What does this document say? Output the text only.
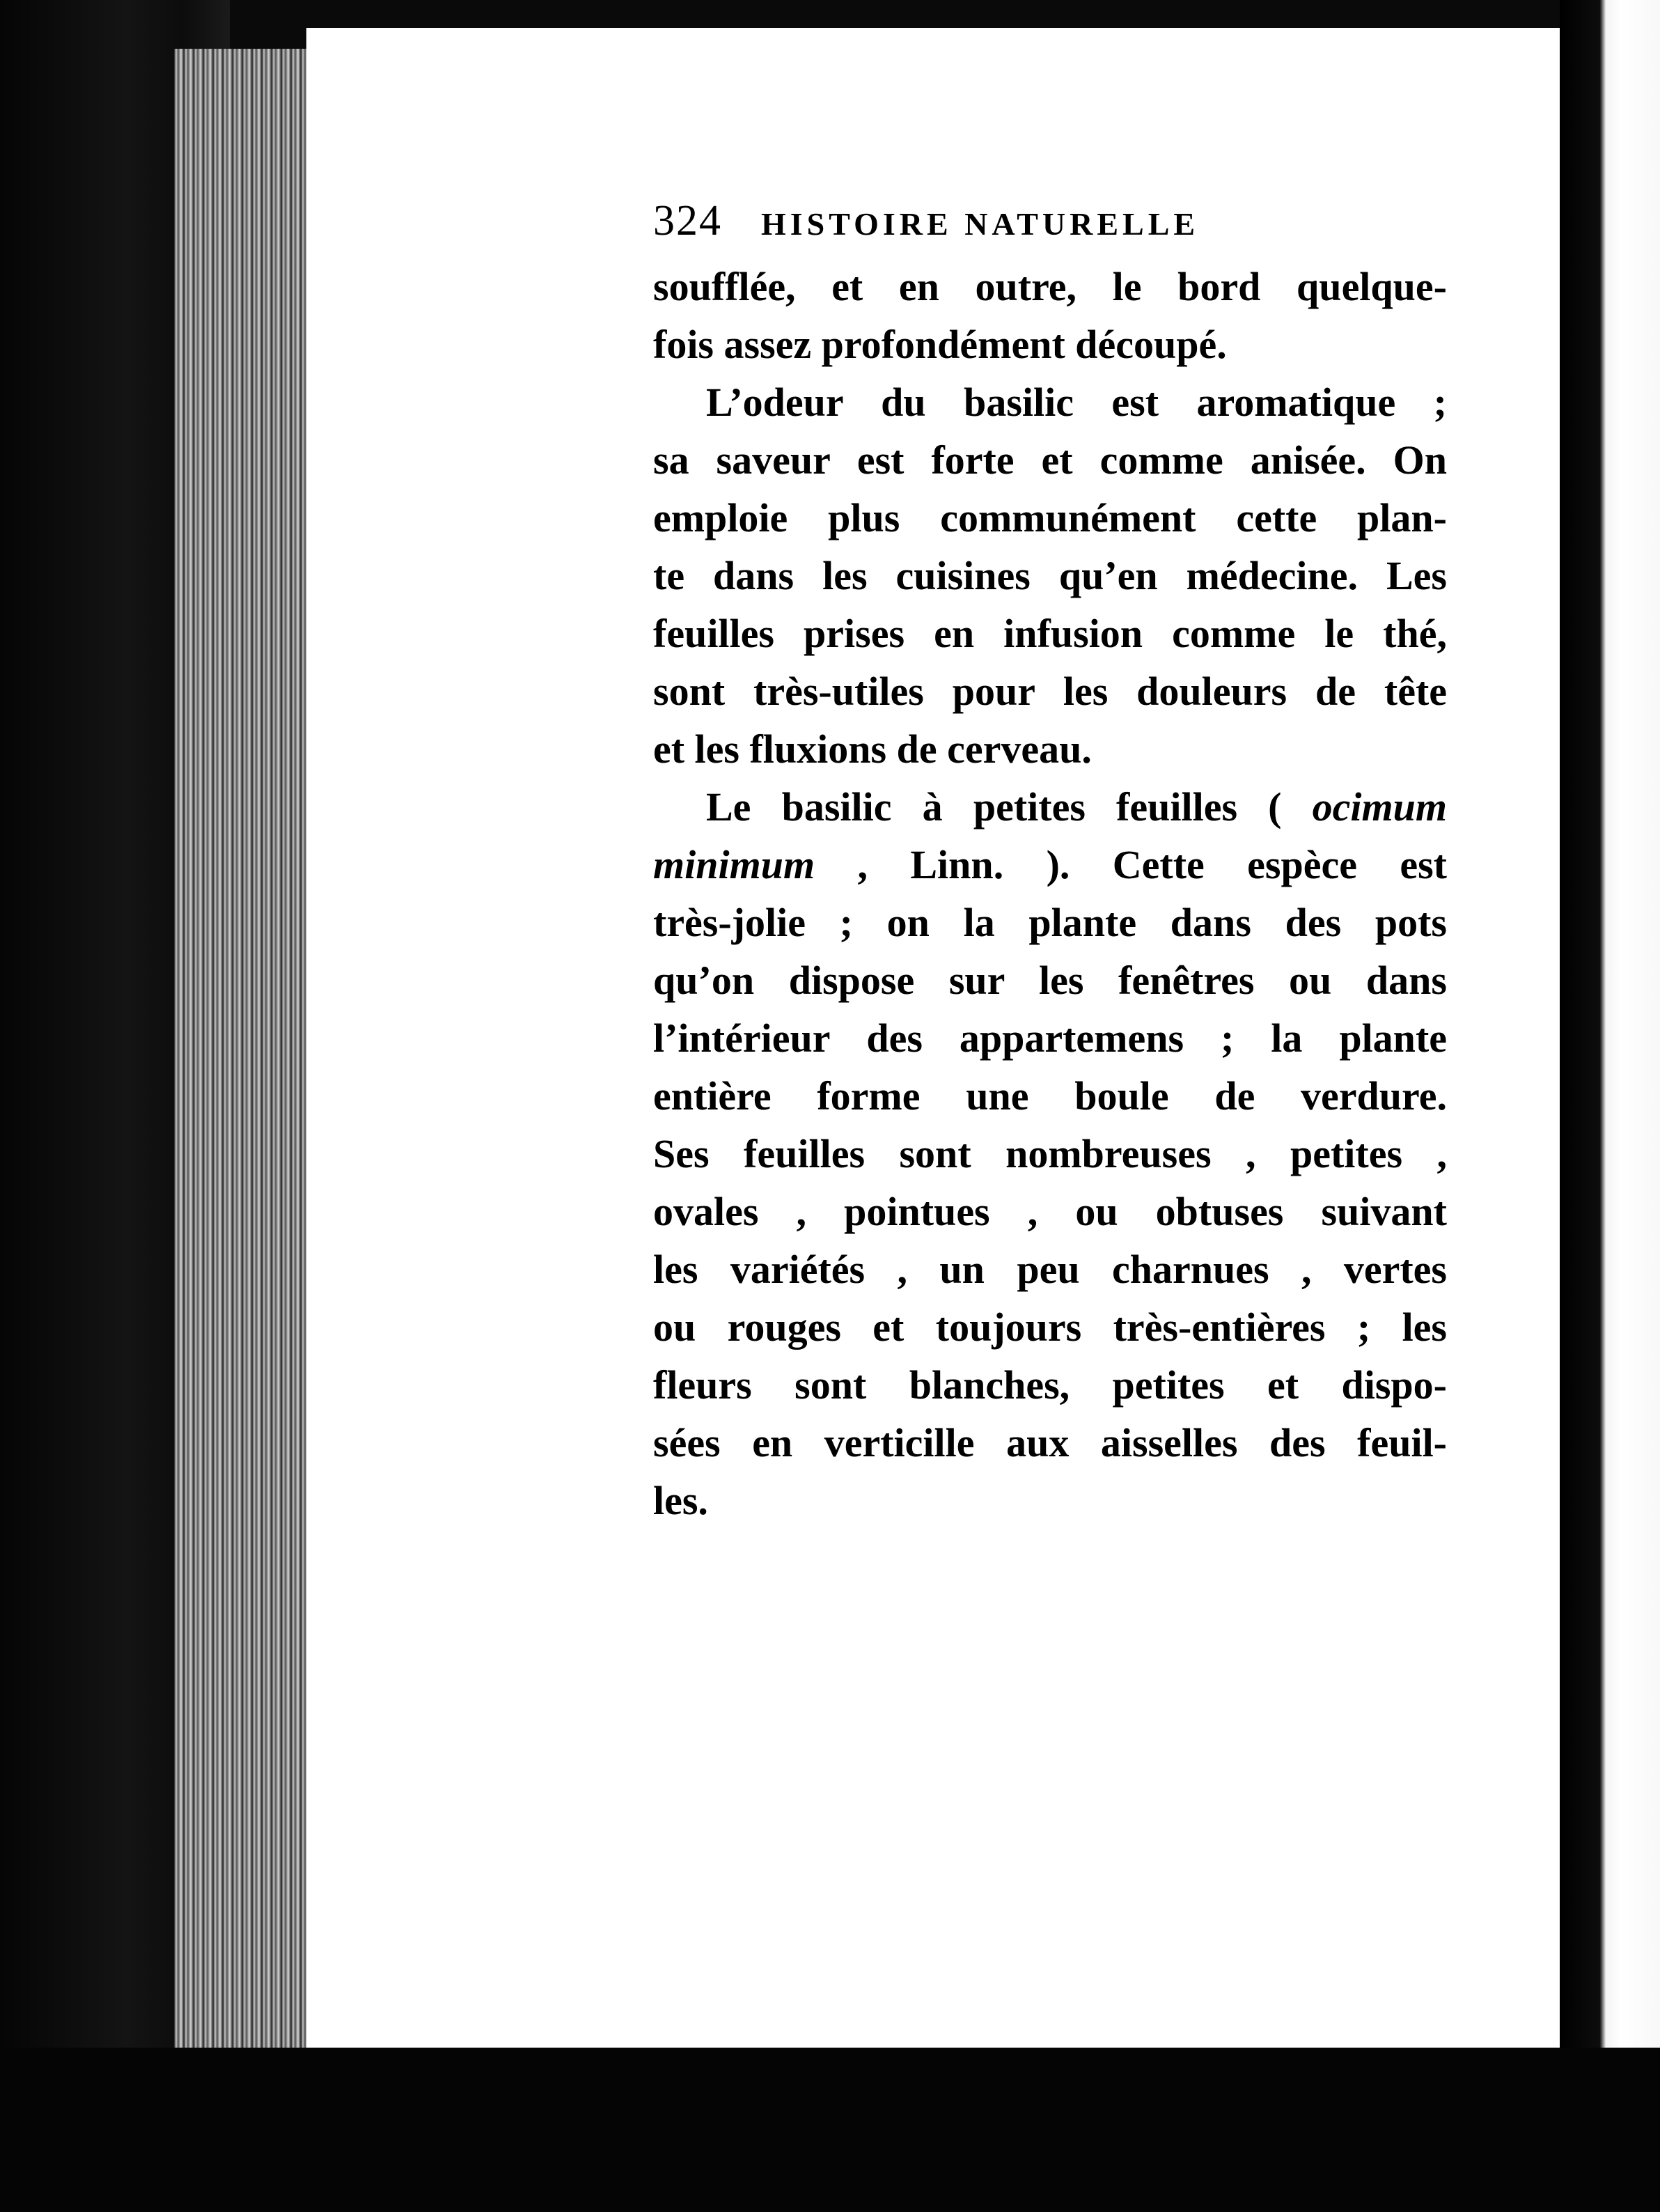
324 HISTOIRE NATURELLE
soufflée, et en outre, le bord quelque-
fois assez profondément découpé.
L’odeur du basilic est aromatique ;
sa saveur est forte et comme anisée. On
emploie plus communément cette plan-
te dans les cuisines qu’en médecine. Les
feuilles prises en infusion comme le thé,
sont très-utiles pour les douleurs de tête
et les fluxions de cerveau.
Le basilic à petites feuilles ( ocimum
minimum , Linn. ). Cette espèce est
très-jolie ; on la plante dans des pots
qu’on dispose sur les fenêtres ou dans
l’intérieur des appartemens ; la plante
entière forme une boule de verdure.
Ses feuilles sont nombreuses , petites ,
ovales , pointues , ou obtuses suivant
les variétés , un peu charnues , vertes
ou rouges et toujours très-entières ; les
fleurs sont blanches, petites et dispo-
sées en verticille aux aisselles des feuil-
les.
